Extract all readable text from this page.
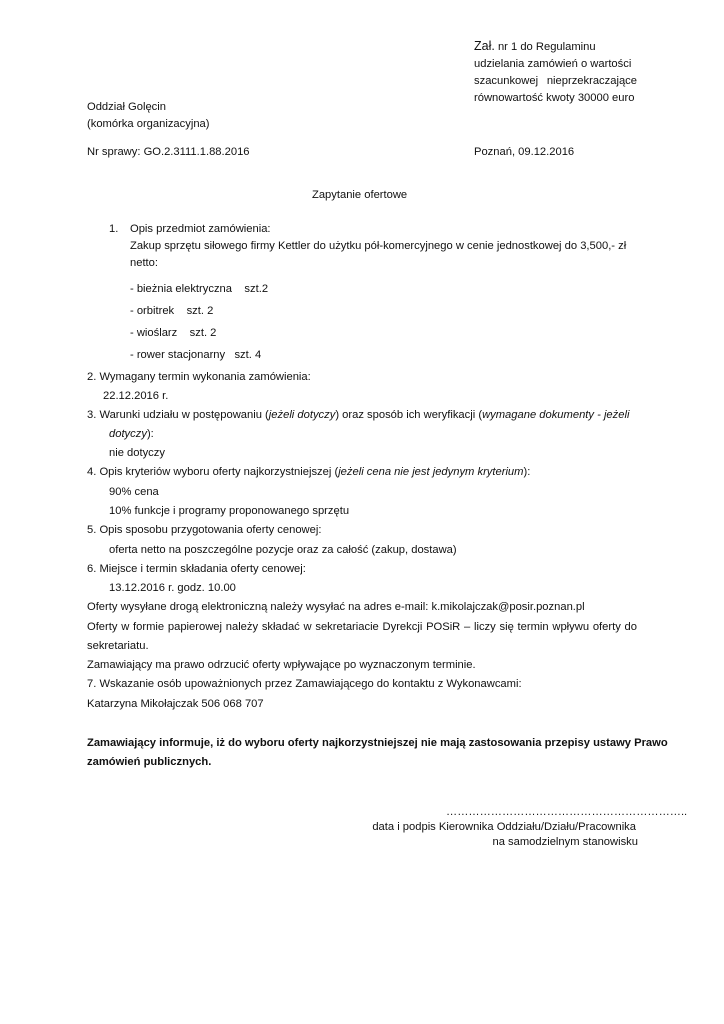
Zał. nr 1 do Regulaminu
udzielania zamówień o wartości
szacunkowej nieprzekraczające
równowartość kwoty 30000 euro
Oddział Golęcin
(komórka organizacyjna)
Nr sprawy: GO.2.3111.1.88.2016	Poznań, 09.12.2016
Zapytanie ofertowe
1. Opis przedmiot zamówienia:
Zakup sprzętu siłowego firmy Kettler do użytku pół-komercyjnego w cenie jednostkowej do 3,500,- zł
netto:
- bieżnia elektryczna    szt.2
- orbitrek    szt. 2
- wioślarz    szt. 2
- rower stacjonarny   szt. 4
2. Wymagany termin wykonania zamówienia:
22.12.2016 r.
3. Warunki udziału w postępowaniu (jeżeli dotyczy) oraz sposób ich weryfikacji (wymagane dokumenty - jeżeli
dotyczy):
nie dotyczy
4. Opis kryteriów wyboru oferty najkorzystniejszej (jeżeli cena nie jest jedynym kryterium):
90% cena
10% funkcje i programy proponowanego sprzętu
5. Opis sposobu przygotowania oferty cenowej:
oferta netto na poszczególne pozycje oraz za całość (zakup, dostawa)
6. Miejsce i termin składania oferty cenowej:
13.12.2016 r. godz. 10.00
Oferty wysyłane drogą elektroniczną należy wysyłać na adres e-mail: k.mikolajczak@posir.poznan.pl
Oferty w formie papierowej należy składać w sekretariacie Dyrekcji POSiR – liczy się termin wpływu oferty do
sekretariatu.
Zamawiający ma prawo odrzucić oferty wpływające po wyznaczonym terminie.
7. Wskazanie osób upoważnionych przez Zamawiającego do kontaktu z Wykonawcami:
Katarzyna Mikołajczak 506 068 707
Zamawiający informuje, iż do wyboru oferty najkorzystniejszej nie mają zastosowania przepisy ustawy Prawo
zamówień publicznych.
………………………………………………………..
data i podpis Kierownika Oddziału/Działu/Pracownika
na samodzielnym stanowisku
